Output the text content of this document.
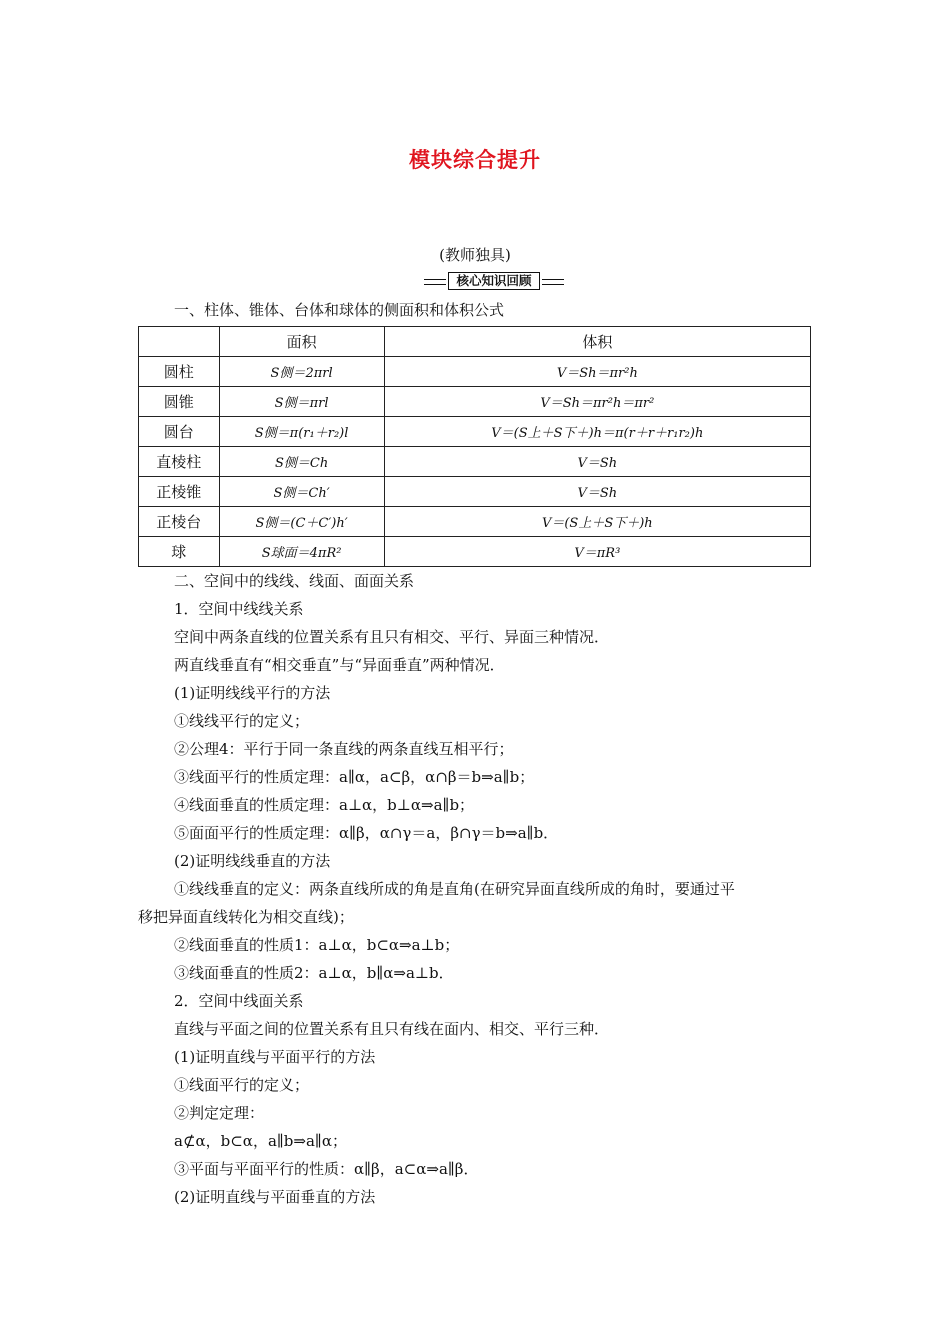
模块综合提升
(教师独具)
核心知识回顾
一、柱体、锥体、台体和球体的侧面积和体积公式
	面积	体积
圆柱	S侧＝2πrl	V＝Sh＝πr²h
圆锥	S侧＝πrl	V＝Sh＝πr²h＝πr²
圆台	S侧＝π(r₁＋r₂)l	V＝(S上＋S下＋)h＝π(r＋r＋r₁r₂)h
直棱柱	S侧＝Ch	V＝Sh
正棱锥	S侧＝Ch′	V＝Sh
正棱台	S侧＝(C＋C′)h′	V＝(S上＋S下＋)h
球	S球面＝4πR²	V＝πR³
二、空间中的线线、线面、面面关系
1．空间中线线关系
空间中两条直线的位置关系有且只有相交、平行、异面三种情况．
两直线垂直有“相交垂直”与“异面垂直”两种情况．
(1)证明线线平行的方法
①线线平行的定义；
②公理4：平行于同一条直线的两条直线互相平行；
③线面平行的性质定理：a∥α，a⊂β，α∩β＝b⇒a∥b；
④线面垂直的性质定理：a⊥α，b⊥α⇒a∥b；
⑤面面平行的性质定理：α∥β，α∩γ＝a，β∩γ＝b⇒a∥b．
(2)证明线线垂直的方法
①线线垂直的定义：两条直线所成的角是直角(在研究异面直线所成的角时，要通过平
移把异面直线转化为相交直线)；
②线面垂直的性质1：a⊥α，b⊂α⇒a⊥b；
③线面垂直的性质2：a⊥α，b∥α⇒a⊥b．
2．空间中线面关系
直线与平面之间的位置关系有且只有线在面内、相交、平行三种．
(1)证明直线与平面平行的方法
①线面平行的定义；
②判定定理：
a⊄α，b⊂α，a∥b⇒a∥α；
③平面与平面平行的性质：α∥β，a⊂α⇒a∥β．
(2)证明直线与平面垂直的方法
